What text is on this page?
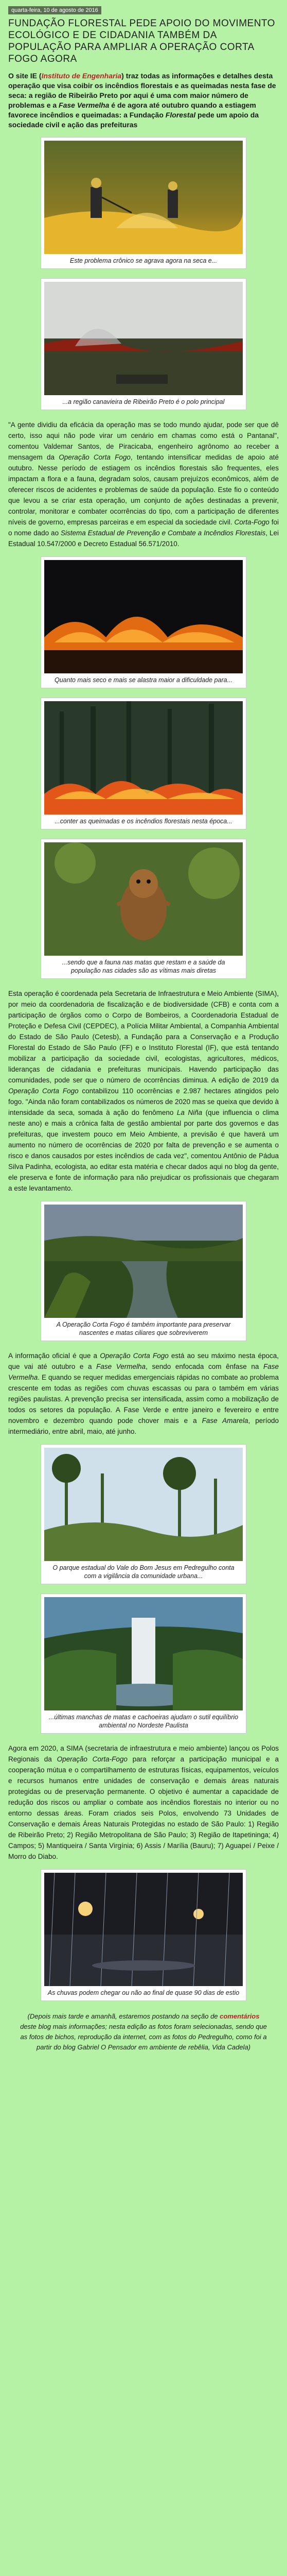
quarta-feira, 10 de agosto de 2016
FUNDAÇÃO FLORESTAL PEDE APOIO DO MOVIMENTO ECOLÓGICO E DE CIDADANIA TAMBÉM DA POPULAÇÃO PARA AMPLIAR A OPERAÇÃO CORTA FOGO AGORA

O site IE (Instituto de Engenharia) traz todas as informações e detalhes desta operação que visa coibir os incêndios florestais e as queimadas nesta fase de seca: a região de Ribeirão Preto por aqui é uma com maior número de problemas e a Fase Vermelha é de agora até outubro quando a estiagem favorece incêndios e queimadas: a Fundação Florestal pede um apoio da sociedade civil e ação das prefeituras

Este problema crônico se agrava agora na seca e...
...a região canavieira de Ribeirão Preto é o polo principal

"A gente dividiu da eficácia da operação mas se todo mundo ajudar, pode ser que dê certo, isso aqui não pode virar um cenário em chamas como está o Pantanal", comentou Valdemar Santos, de Piracicaba, engenheiro agrônomo ao receber a mensagem da Operação Corta Fogo, tentando intensificar medidas de apoio até outubro. Nesse período de estiagem os incêndios florestais são frequentes, eles impactam a flora e a fauna, degradam solos, causam prejuízos econômicos, além de oferecer riscos de acidentes e problemas de saúde da população. Este fio o conteúdo que levou a se criar esta operação, um conjunto de ações destinadas a prevenir, controlar, monitorar e combater ocorrências do tipo, com a participação de diferentes níveis de governo, empresas parceiras e em especial da sociedade civil. Corta-Fogo foi o nome dado ao Sistema Estadual de Prevenção e Combate a Incêndios Florestais, Lei Estadual 10.547/2000 e Decreto Estadual 56.571/2010.

Quanto mais seco e mais se alastra maior a dificuldade para...
...conter as queimadas e os incêndios florestais nesta época...
...sendo que a fauna nas matas que restam e a saúde da população nas cidades são as vítimas mais diretas

Esta operação é coordenada pela Secretaria de Infraestrutura e Meio Ambiente (SIMA), por meio da coordenadoria de fiscalização e de biodiversidade (CFB) e conta com a participação de órgãos como o Corpo de Bombeiros, a Coordenadoria Estadual de Proteção e Defesa Civil (CEPDEC), a Polícia Militar Ambiental, a Companhia Ambiental do Estado de São Paulo (Cetesb), a Fundação para a Conservação e a Produção Florestal do Estado de São Paulo (FF) e o Instituto Florestal (IF), que está tentando mobilizar a participação da sociedade civil, ecologistas, agricultores, médicos, lideranças de cidadania e prefeituras municipais. Havendo participação das comunidades, pode ser que o número de ocorrências diminua. A edição de 2019 da Operação Corta Fogo contabilizou 110 ocorrências e 2.987 hectares atingidos pelo fogo. "Ainda não foram contabilizados os números de 2020 mas se queixa que devido à intensidade da seca, somada à ação do fenômeno La Niña (que influencia o clima neste ano) e mais a crônica falta de gestão ambiental por parte dos governos e das prefeituras, que investem pouco em Meio Ambiente, a previsão é que haverá um aumento no número de ocorrências de 2020 por falta de prevenção e se aumenta o risco e danos causados por estes incêndios de cada vez", comentou Antônio de Pádua Silva Padinha, ecologista, ao editar esta matéria e checar dados aqui no blog da gente, ele preserva e fonte de informação para não prejudicar os profissionais que chegaram a este levantamento.

A Operação Corta Fogo é também importante para preservar nascentes e matas ciliares que sobreviverem

A informação oficial é que a Operação Corta Fogo está ao seu máximo nesta época, que vai até outubro e a Fase Vermelha, sendo enfocada com ênfase na Fase Vermelha. E quando se requer medidas emergenciais rápidas no combate ao problema crescente em todas as regiões com chuvas escassas ou para o também em várias regiões paulistas. A prevenção precisa ser intensificada, assim como a mobilização de todos os setores da população. A Fase Verde e entre janeiro e fevereiro e entre novembro e dezembro quando pode chover mais e a Fase Amarela, período intermediário, entre abril, maio, até junho.

O parque estadual do Vale do Bom Jesus em Pedregulho conta com a vigilância da comunidade urbana...
...últimas manchas de matas e cachoeiras ajudam o sutil equilíbrio ambiental no Nordeste Paulista

Agora em 2020, a SIMA (secretaria de infraestrutura e meio ambiente) lançou os Polos Regionais da Operação Corta-Fogo para reforçar a participação municipal e a cooperação mútua e o compartilhamento de estruturas físicas, equipamentos, veículos e recursos humanos entre unidades de conservação e demais áreas naturais protegidas ou de preservação permanente. O objetivo é aumentar a capacidade de redução dos riscos ou ampliar o combate aos incêndios florestais no interior ou no entorno dessas áreas. Foram criados seis Polos, envolvendo 73 Unidades de Conservação e demais Áreas Naturais Protegidas no estado de São Paulo: 1) Região de Ribeirão Preto; 2) Região Metropolitana de São Paulo; 3) Região de Itapetininga; 4) Campos; 5) Mantiqueira / Santa Virgínia; 6) Assis / Marília (Bauru); 7) Aguapeí / Peixe / Morro do Diabo.

As chuvas podem chegar ou não ao final de quase 90 dias de estio

(Depois mais tarde e amanhã, estaremos postando na seção de comentários deste blog mais informações; nesta edição as fotos foram selecionadas, sendo que as fotos de bichos, reprodução da internet, com as fotos do Pedregulho, como foi a partir do blog Gabriel O Pensador em ambiente de rebêlia, Vida Cadela)
